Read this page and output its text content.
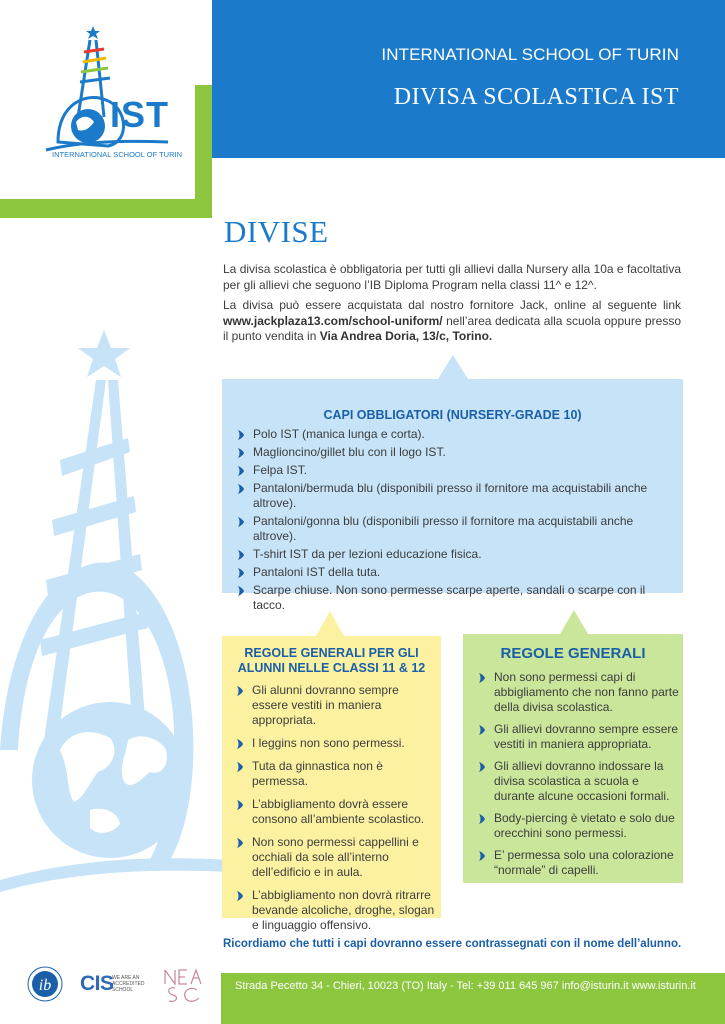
INTERNATIONAL SCHOOL OF TURIN
DIVISA SCOLASTICA IST
IST
INTERNATIONAL SCHOOL OF TURIN
DIVISE

La divisa scolastica è obbligatoria per tutti gli allievi dalla Nursery alla 10a e facoltativa per gli allievi che seguono l’IB Diploma Program nella classi 11^ e 12^.

La divisa può essere acquistata dal nostro fornitore Jack, online al seguente link www.jackplaza13.com/school-uniform/ nell’area dedicata alla scuola oppure presso il punto vendita in Via Andrea Doria, 13/c, Torino.

CAPI OBBLIGATORI (NURSERY-GRADE 10)
Polo IST (manica lunga e corta).
Maglioncino/gillet blu con il logo IST.
Felpa IST.
Pantaloni/bermuda blu (disponibili presso il fornitore ma acquistabili anche altrove).
Pantaloni/gonna blu (disponibili presso il fornitore ma acquistabili anche altrove).
T-shirt IST da per lezioni educazione fisica.
Pantaloni IST della tuta.
Scarpe chiuse. Non sono permesse scarpe aperte, sandali o scarpe con il tacco.
REGOLE GENERALI PER GLI ALUNNI NELLE CLASSI 11 & 12
Gli alunni dovranno sempre essere vestiti in maniera appropriata.
I leggins non sono permessi.
Tuta da ginnastica non è permessa.
L’abbigliamento dovrà essere consono all’ambiente scolastico.
Non sono permessi cappellini e occhiali da sole all’interno dell’edificio e in aula.
L’abbigliamento non dovrà ritrarre bevande alcoliche, droghe, slogan e linguaggio offensivo.
REGOLE GENERALI
Non sono permessi capi di abbigliamento che non fanno parte della divisa scolastica.
Gli allievi dovranno sempre essere vestiti in maniera appropriata.
Gli allievi dovranno indossare la divisa scolastica a scuola e durante alcune occasioni formali.
Body-piercing è vietato e solo due orecchini sono permessi.
E’ permessa solo una colorazione “normale” di capelli.
Ricordiamo che tutti i capi dovranno essere contrassegnati con il nome dell’alunno.
ib CIS
WE ARE AN ACCREDITED SCHOOL	Strada Pecetto 34 - Chieri, 10023 (TO) Italy - Tel: +39 011 645 967 info@isturin.it www.isturin.it
